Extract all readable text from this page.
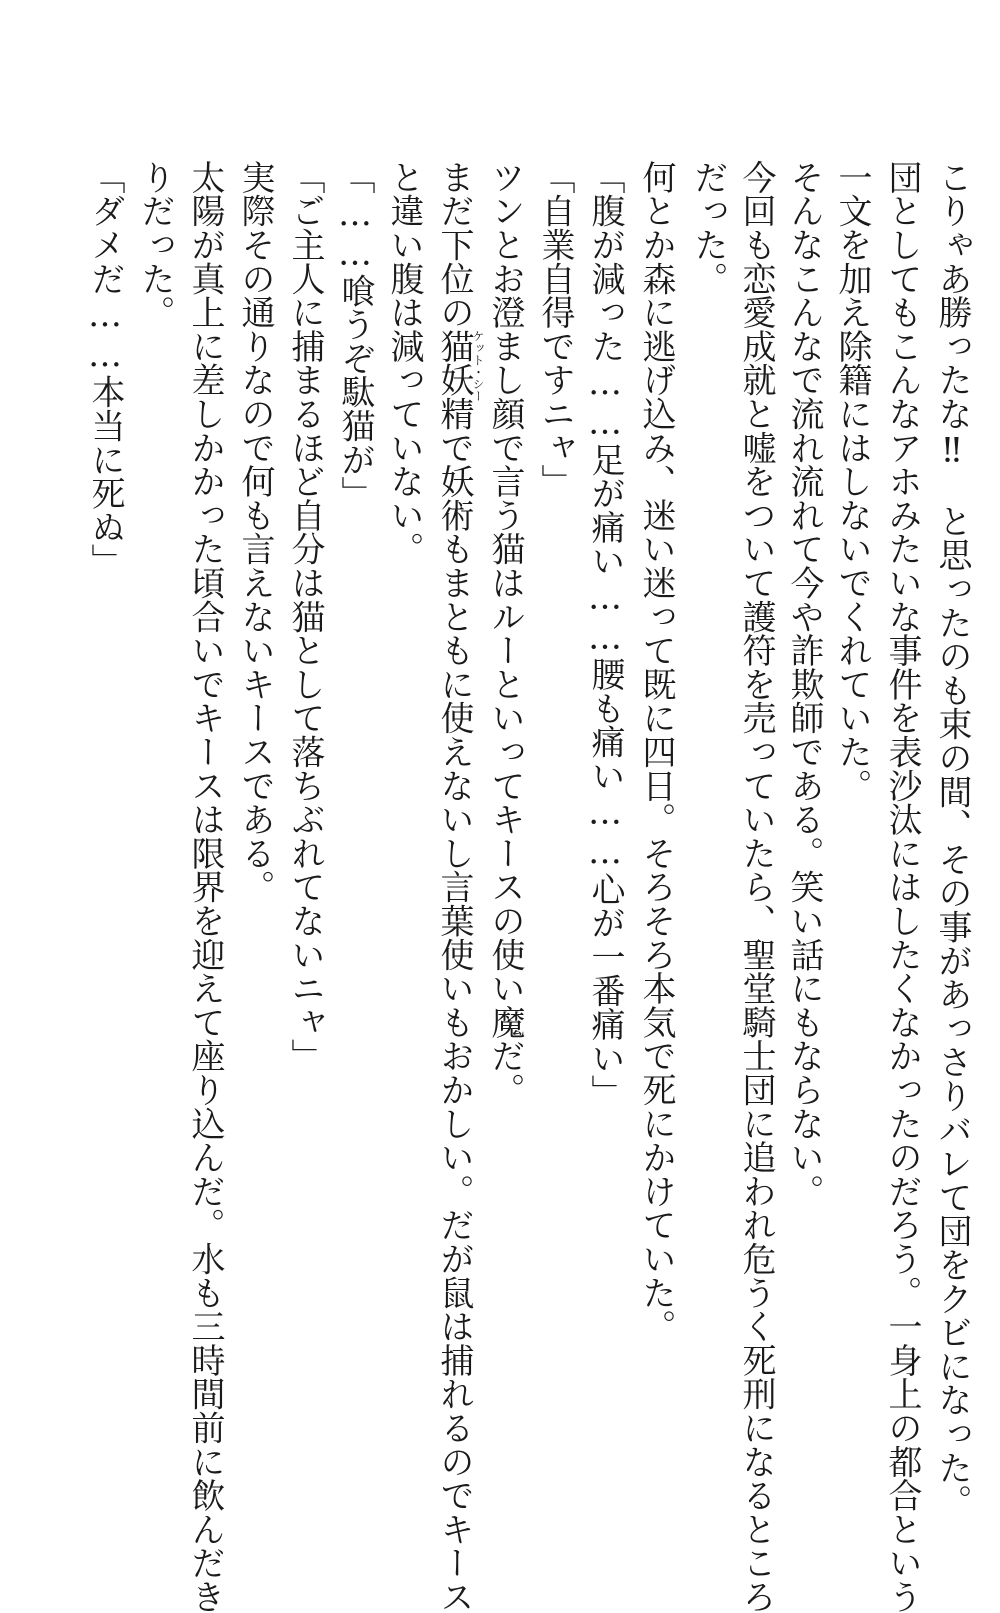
こりゃあ勝ったな‼　と思ったのも束の間、その事があっさりバレて団をクビになった。
団としてもこんなアホみたいな事件を表沙汰にはしたくなかったのだろう。一身上の都合という
一文を加え除籍にはしないでくれていた。
そんなこんなで流れ流れて今や詐欺師である。笑い話にもならない。
今回も恋愛成就と嘘をついて護符を売っていたら、聖堂騎士団に追われ危うく死刑になるところ
だった。
何とか森に逃げ込み、迷い迷って既に四日。そろそろ本気で死にかけていた。
「腹が減った……足が痛い……腰も痛い……心が一番痛い」
「自業自得ですニャ」
ツンとお澄まし顔で言う猫はルーといってキースの使い魔だ。
まだ下位の猫妖精で妖術もまともに使えないし言葉使いもおかしい。だが鼠は捕れるのでキース
ケット・シー
と違い腹は減っていない。
「……喰うぞ駄猫が」
「ご主人に捕まるほど自分は猫として落ちぶれてないニャ」
実際その通りなので何も言えないキースである。
太陽が真上に差しかかった頃合いでキースは限界を迎えて座り込んだ。水も三時間前に飲んだき
りだった。
「ダメだ……本当に死ぬ」
